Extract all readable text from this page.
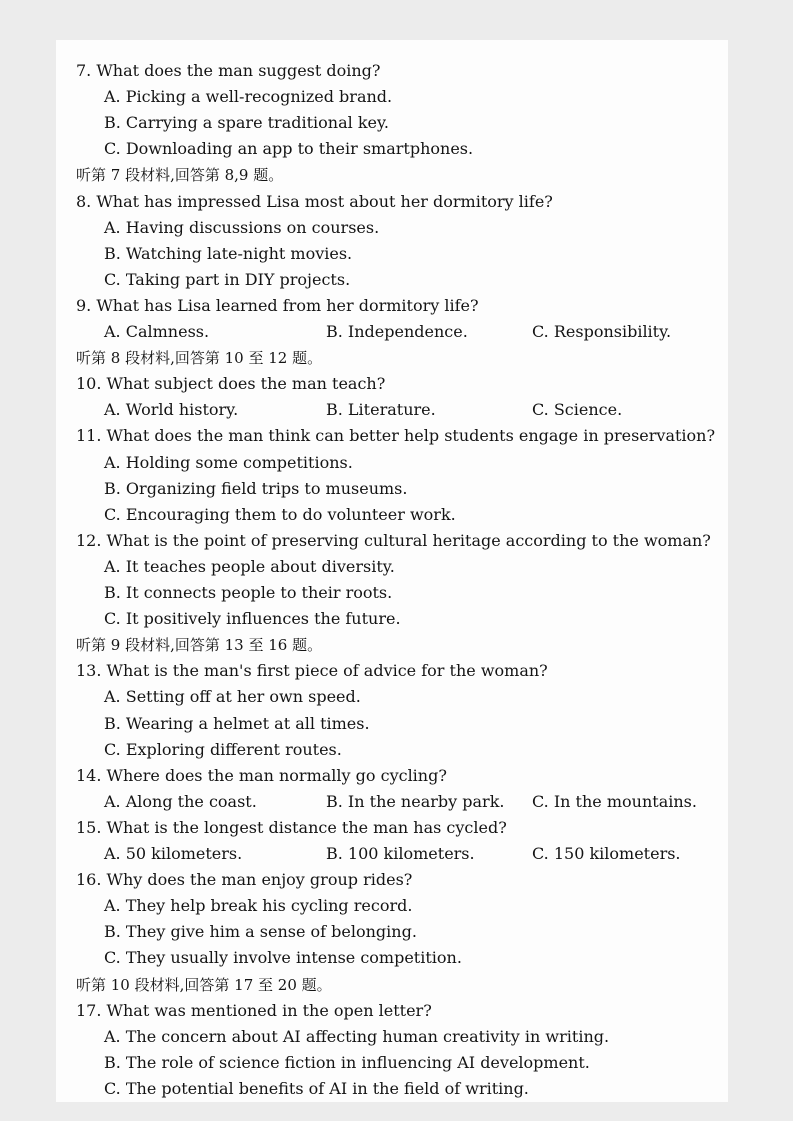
7. What does the man suggest doing?
A. Picking a well-recognized brand.
B. Carrying a spare traditional key.
C. Downloading an app to their smartphones.
听第 7 段材料,回答第 8,9 题。
8. What has impressed Lisa most about her dormitory life?
A. Having discussions on courses.
B. Watching late-night movies.
C. Taking part in DIY projects.
9. What has Lisa learned from her dormitory life?
A. Calmness.	B. Independence.	C. Responsibility.
听第 8 段材料,回答第 10 至 12 题。
10. What subject does the man teach?
A. World history.	B. Literature.	C. Science.
11. What does the man think can better help students engage in preservation?
A. Holding some competitions.
B. Organizing field trips to museums.
C. Encouraging them to do volunteer work.
12. What is the point of preserving cultural heritage according to the woman?
A. It teaches people about diversity.
B. It connects people to their roots.
C. It positively influences the future.
听第 9 段材料,回答第 13 至 16 题。
13. What is the man's first piece of advice for the woman?
A. Setting off at her own speed.
B. Wearing a helmet at all times.
C. Exploring different routes.
14. Where does the man normally go cycling?
A. Along the coast.	B. In the nearby park. C. In the mountains.
15. What is the longest distance the man has cycled?
A. 50 kilometers.	B. 100 kilometers.	C. 150 kilometers.
16. Why does the man enjoy group rides?
A. They help break his cycling record.
B. They give him a sense of belonging.
C. They usually involve intense competition.
听第 10 段材料,回答第 17 至 20 题。
17. What was mentioned in the open letter?
A. The concern about AI affecting human creativity in writing.
B. The role of science fiction in influencing AI development.
C. The potential benefits of AI in the field of writing.
